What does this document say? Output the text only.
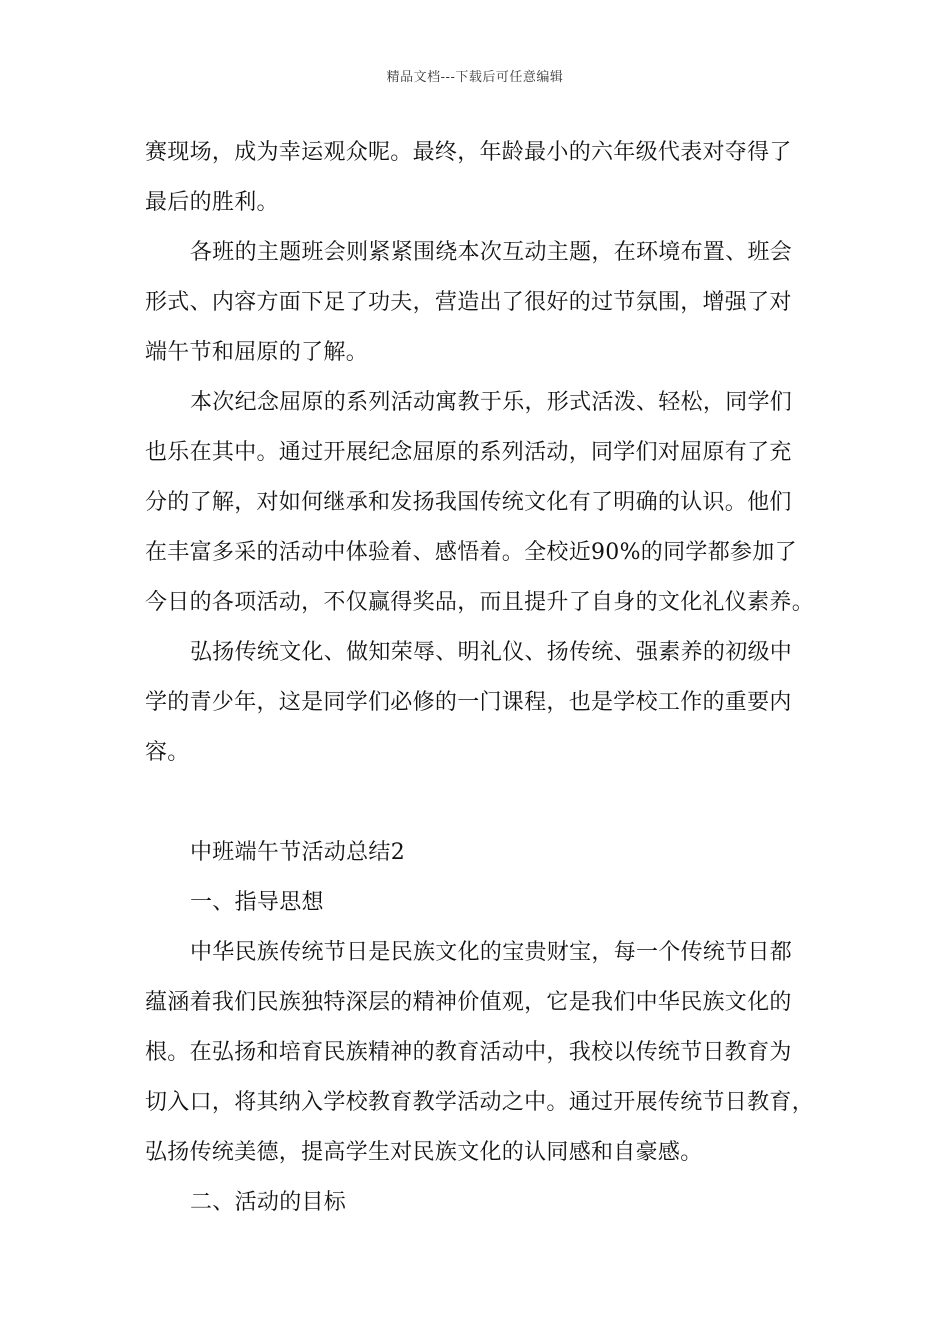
精品文档---下载后可任意编辑
赛现场，成为幸运观众呢。最终，年龄最小的六年级代表对夺得了
最后的胜利。
各班的主题班会则紧紧围绕本次互动主题，在环境布置、班会
形式、内容方面下足了功夫，营造出了很好的过节氛围，增强了对
端午节和屈原的了解。
本次纪念屈原的系列活动寓教于乐，形式活泼、轻松，同学们
也乐在其中。通过开展纪念屈原的系列活动，同学们对屈原有了充
分的了解，对如何继承和发扬我国传统文化有了明确的认识。他们
在丰富多采的活动中体验着、感悟着。全校近90%的同学都参加了
今日的各项活动，不仅赢得奖品，而且提升了自身的文化礼仪素养。
弘扬传统文化、做知荣辱、明礼仪、扬传统、强素养的初级中
学的青少年，这是同学们必修的一门课程，也是学校工作的重要内
容。
中班端午节活动总结2
一、指导思想
中华民族传统节日是民族文化的宝贵财宝，每一个传统节日都
蕴涵着我们民族独特深层的精神价值观，它是我们中华民族文化的
根。在弘扬和培育民族精神的教育活动中，我校以传统节日教育为
切入口，将其纳入学校教育教学活动之中。通过开展传统节日教育，
弘扬传统美德，提高学生对民族文化的认同感和自豪感。
二、活动的目标
